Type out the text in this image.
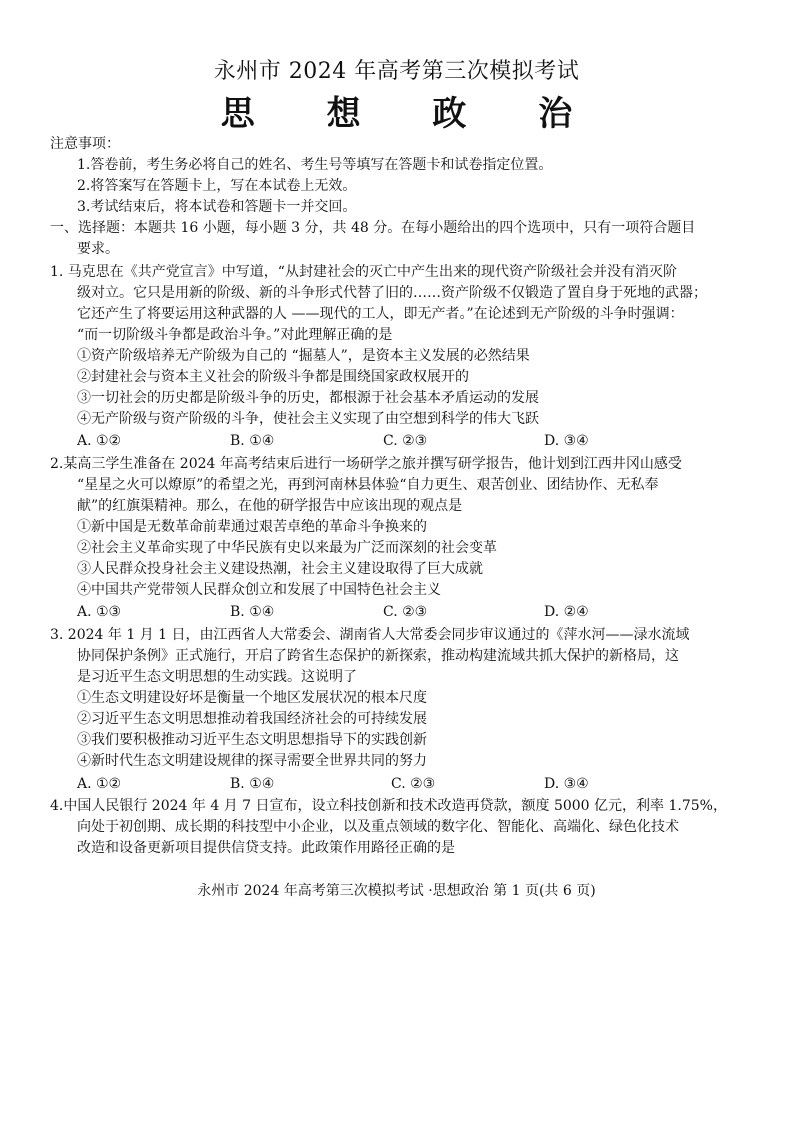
永州市 2024 年高考第三次模拟考试
思 想 政 治
注意事项：
1.答卷前，考生务必将自己的姓名、考生号等填写在答题卡和试卷指定位置。
2.将答案写在答题卡上，写在本试卷上无效。
3.考试结束后，将本试卷和答题卡一并交回。
一、选择题：本题共 16 小题，每小题 3 分，共 48 分。在每小题给出的四个选项中，只有一项符合题目
要求。
1. 马克思在《共产党宣言》中写道，“从封建社会的灭亡中产生出来的现代资产阶级社会并没有消灭阶
级对立。它只是用新的阶级、新的斗争形式代替了旧的……资产阶级不仅锻造了置自身于死地的武器；
它还产生了将要运用这种武器的人 ——现代的工人，即无产者。”在论述到无产阶级的斗争时强调：
“而一切阶级斗争都是政治斗争。”对此理解正确的是
①资产阶级培养无产阶级为自己的 “掘墓人”，是资本主义发展的必然结果
②封建社会与资本主义社会的阶级斗争都是围绕国家政权展开的
③一切社会的历史都是阶级斗争的历史，都根源于社会基本矛盾运动的发展
④无产阶级与资产阶级的斗争，使社会主义实现了由空想到科学的伟大飞跃
A. ①②	B. ①④	C. ②③	D. ③④
2.某高三学生准备在 2024 年高考结束后进行一场研学之旅并撰写研学报告，他计划到江西井冈山感受
“星星之火可以燎原”的希望之光，再到河南林县体验“自力更生、艰苦创业、团结协作、无私奉
献”的红旗渠精神。那么，在他的研学报告中应该出现的观点是
①新中国是无数革命前辈通过艰苦卓绝的革命斗争换来的
②社会主义革命实现了中华民族有史以来最为广泛而深刻的社会变革
③人民群众投身社会主义建设热潮，社会主义建设取得了巨大成就
④中国共产党带领人民群众创立和发展了中国特色社会主义
A. ①③	B. ①④	C. ②③	D. ②④
3. 2024 年 1 月 1 日，由江西省人大常委会、湖南省人大常委会同步审议通过的《萍水河——渌水流域
协同保护条例》正式施行，开启了跨省生态保护的新探索，推动构建流域共抓大保护的新格局，这
是习近平生态文明思想的生动实践。这说明了
①生态文明建设好坏是衡量一个地区发展状况的根本尺度
②习近平生态文明思想推动着我国经济社会的可持续发展
③我们要积极推动习近平生态文明思想指导下的实践创新
④新时代生态文明建设规律的探寻需要全世界共同的努力
A. ①②	B. ①④	C. ②③	D. ③④
4.中国人民银行 2024 年 4 月 7 日宣布，设立科技创新和技术改造再贷款，额度 5000 亿元，利率 1.75%，
向处于初创期、成长期的科技型中小企业，以及重点领域的数字化、智能化、高端化、绿色化技术
改造和设备更新项目提供信贷支持。此政策作用路径正确的是
永州市 2024 年高考第三次模拟考试 ·思想政治 第 1 页(共 6 页)
